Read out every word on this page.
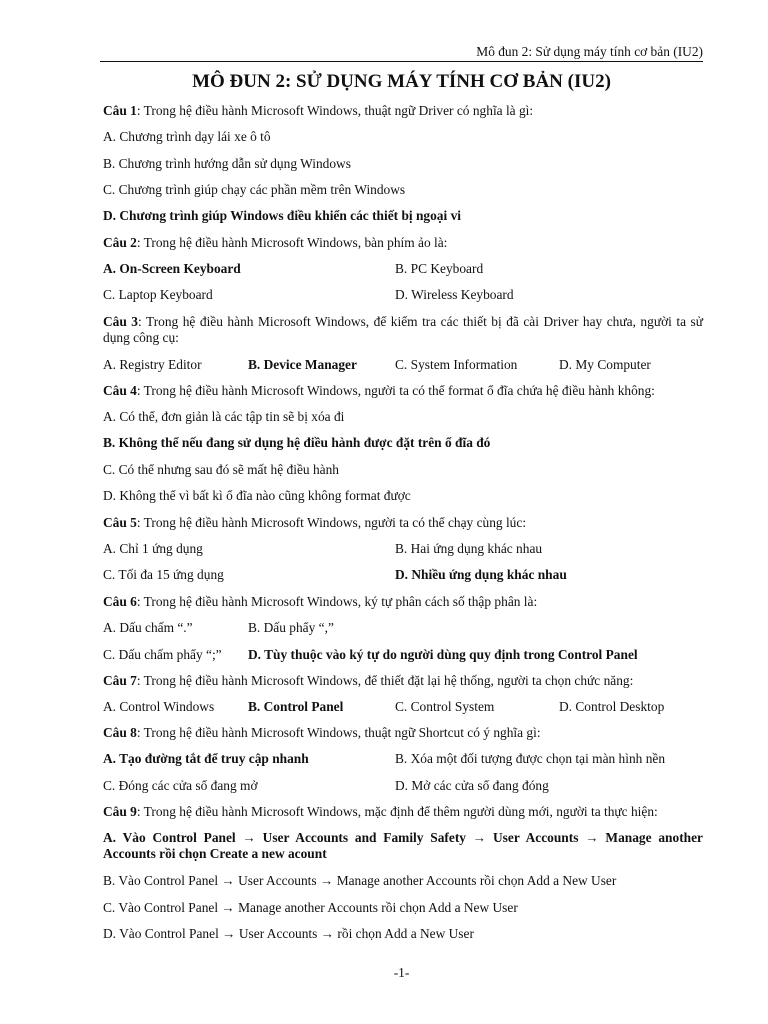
Mô đun 2: Sử dụng máy tính cơ bản (IU2)
MÔ ĐUN 2: SỬ DỤNG MÁY TÍNH CƠ BẢN (IU2)
Câu 1: Trong hệ điều hành Microsoft Windows, thuật ngữ Driver có nghĩa là gì:
A. Chương trình dạy lái xe ô tô
B. Chương trình hướng dẫn sử dụng Windows
C. Chương trình giúp chạy các phần mềm trên Windows
D. Chương trình giúp Windows điều khiển các thiết bị ngoại vi
Câu 2: Trong hệ điều hành Microsoft Windows, bàn phím ảo là:
A. On-Screen Keyboard	B. PC Keyboard
C. Laptop Keyboard	D. Wireless Keyboard
Câu 3: Trong hệ điều hành Microsoft Windows, để kiểm tra các thiết bị đã cài Driver hay chưa, người ta sử dụng công cụ:
A. Registry Editor	B. Device Manager	C. System Information	D. My Computer
Câu 4: Trong hệ điều hành Microsoft Windows, người ta có thể format ổ đĩa chứa hệ điều hành không:
A. Có thể, đơn giản là các tập tin sẽ bị xóa đi
B. Không thể nếu đang sử dụng hệ điều hành được đặt trên ổ đĩa đó
C. Có thể nhưng sau đó sẽ mất hệ điều hành
D. Không thể vì bất kì ổ đĩa nào cũng không format được
Câu 5: Trong hệ điều hành Microsoft Windows, người ta có thể chạy cùng lúc:
A. Chỉ 1 ứng dụng	B. Hai ứng dụng khác nhau
C. Tối đa 15 ứng dụng	D. Nhiều ứng dụng khác nhau
Câu 6: Trong hệ điều hành Microsoft Windows, ký tự phân cách số thập phân là:
A. Dấu chấm “.”	B. Dấu phẩy “,”
C. Dấu chấm phẩy “;” D. Tùy thuộc vào ký tự do người dùng quy định trong Control Panel
Câu 7: Trong hệ điều hành Microsoft Windows, để thiết đặt lại hệ thống, người ta chọn chức năng:
A. Control Windows	B. Control Panel	C. Control System	D. Control Desktop
Câu 8: Trong hệ điều hành Microsoft Windows, thuật ngữ Shortcut có ý nghĩa gì:
A. Tạo đường tắt để truy cập nhanh	B. Xóa một đối tượng được chọn tại màn hình nền
C. Đóng các cửa sổ đang mở	D. Mở các cửa sổ đang đóng
Câu 9: Trong hệ điều hành Microsoft Windows, mặc định để thêm người dùng mới, người ta thực hiện:
A. Vào Control Panel → User Accounts and Family Safety → User Accounts → Manage another Accounts rồi chọn Create a new acount
B. Vào Control Panel → User Accounts → Manage another Accounts rồi chọn Add a New User
C. Vào Control Panel → Manage another Accounts rồi chọn Add a New User
D. Vào Control Panel → User Accounts → rồi chọn Add a New User
-1-
